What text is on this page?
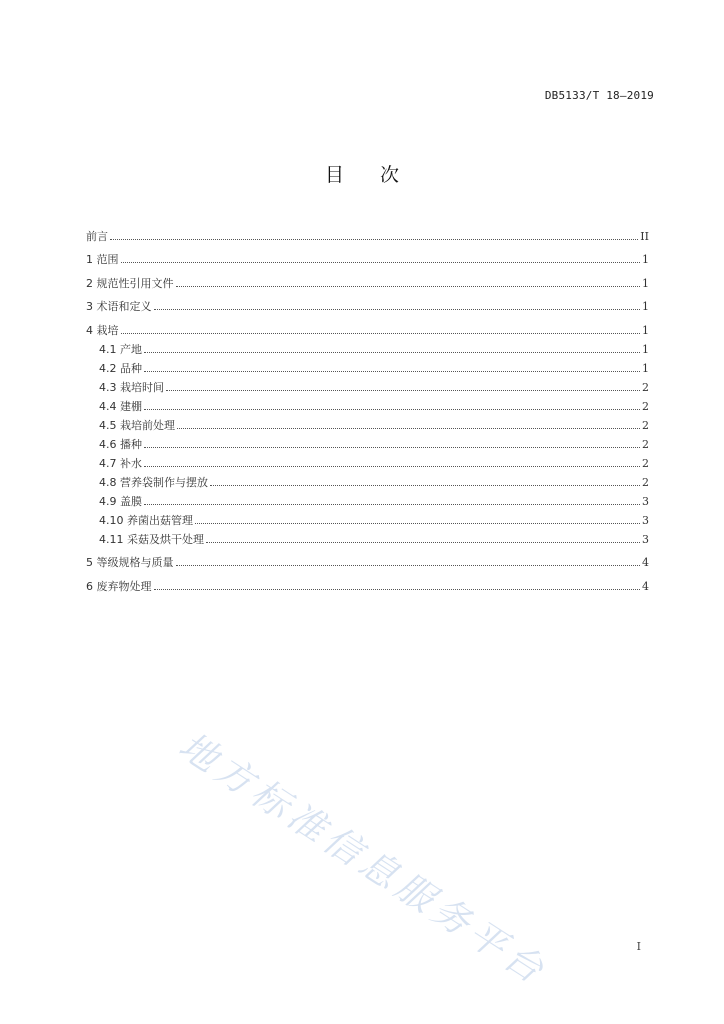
DB5133/T 18—2019
目次
前言	II
1 范围	1
2 规范性引用文件	1
3 术语和定义	1
4 栽培	1
4.1 产地	1
4.2 品种	1
4.3 栽培时间	2
4.4 建棚	2
4.5 栽培前处理	2
4.6 播种	2
4.7 补水	2
4.8 营养袋制作与摆放	2
4.9 盖膜	3
4.10 养菌出菇管理	3
4.11 采菇及烘干处理	3
5 等级规格与质量	4
6 废弃物处理	4
地方标准信息服务平台	I
